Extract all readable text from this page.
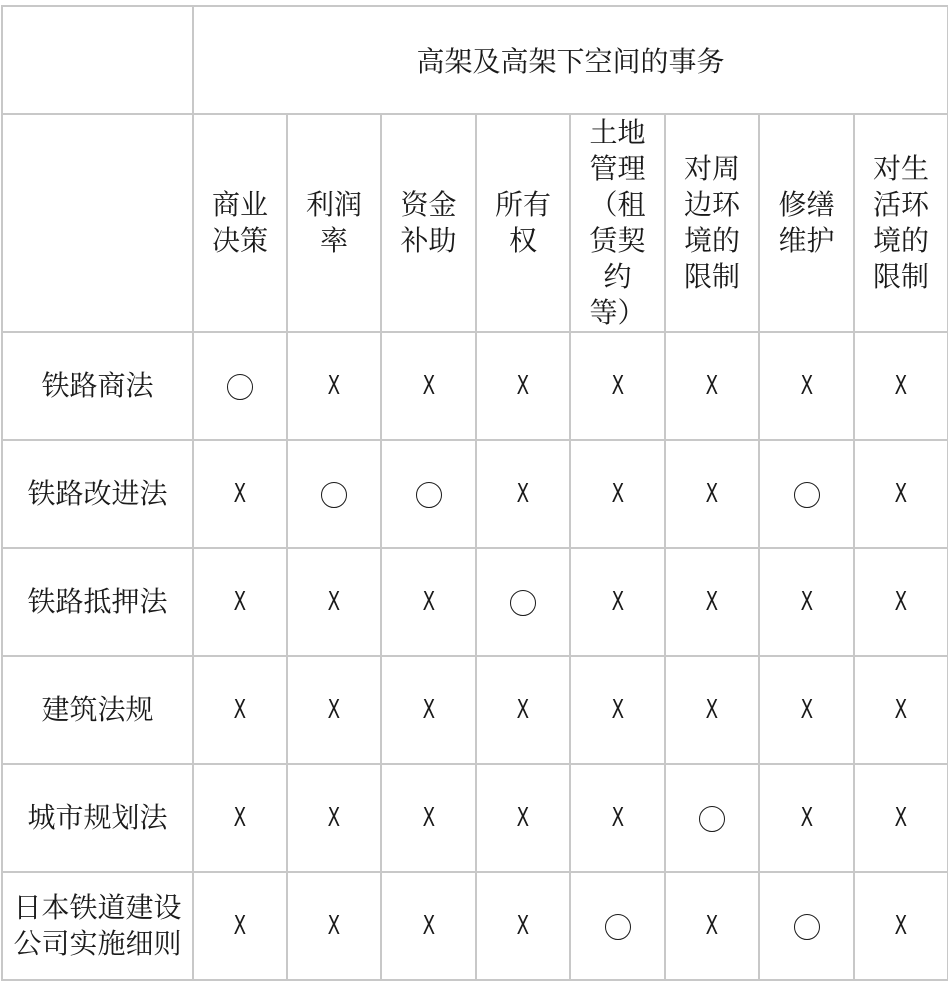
	高架及高架下空间的事务							
	商业决策	利润率	资金补助	所有权	土地管理（租赁契约等）	对周边环境的限制	修缮维护	对生活环境的限制
铁路商法		X	X	X	X	X	X	X
铁路改进法	X			X	X	X		X
铁路抵押法	X	X	X		X	X	X	X
建筑法规	X	X	X	X	X	X	X	X
城市规划法	X	X	X	X	X		X	X
日本铁道建设公司实施细则	X	X	X	X		X		X
